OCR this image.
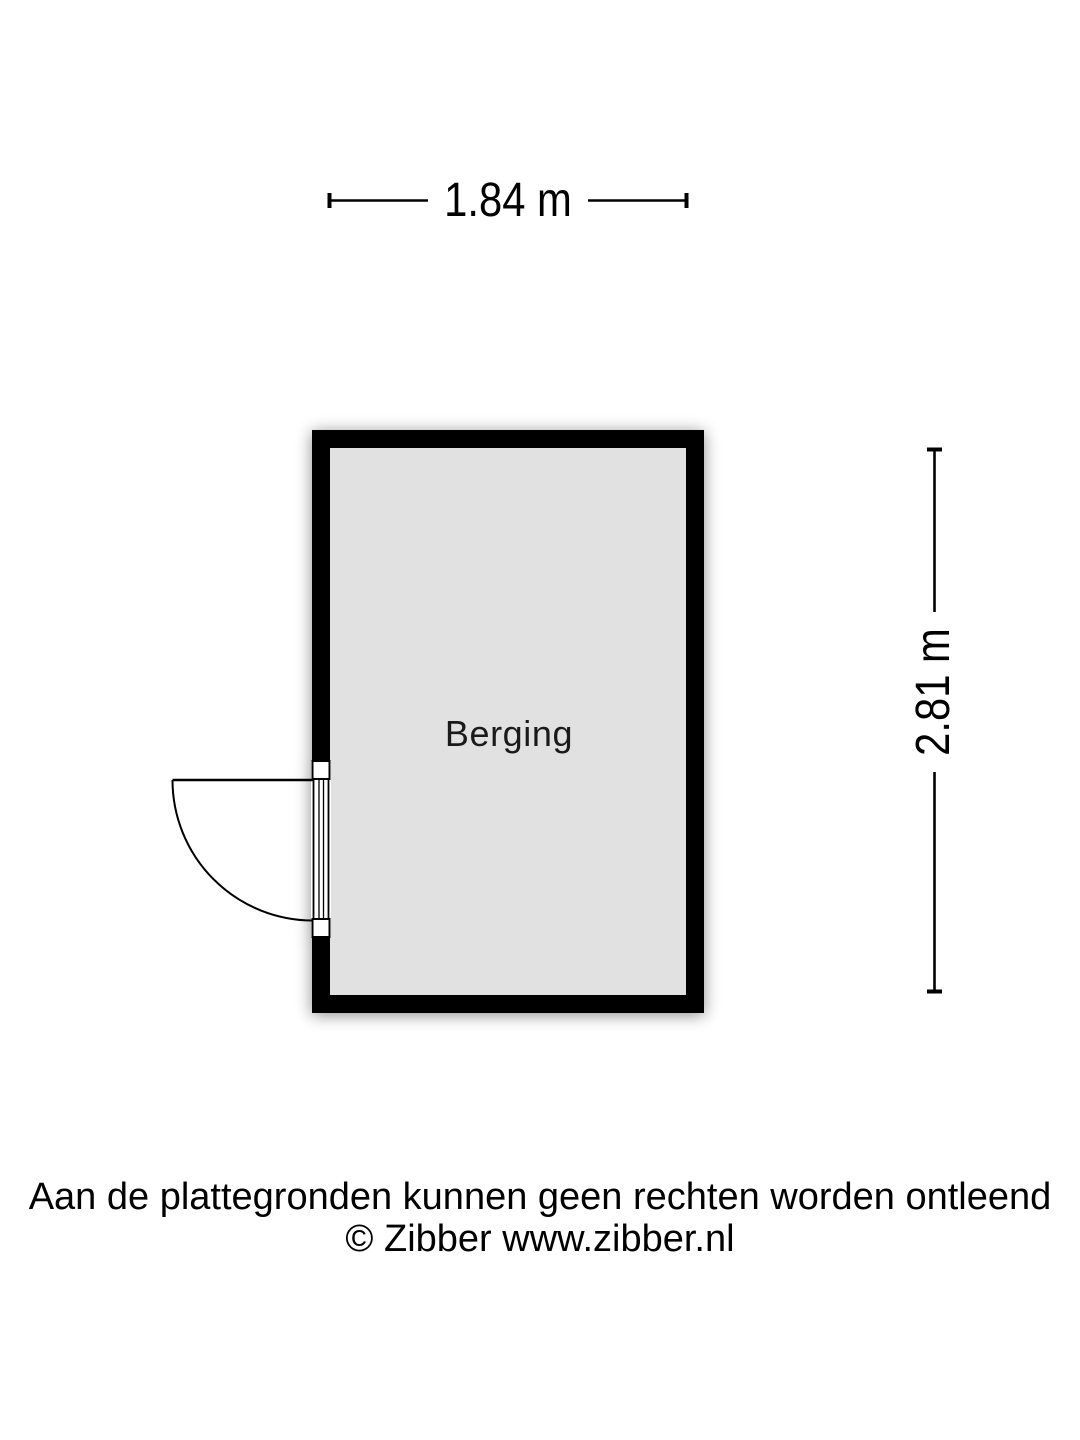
1.84 m
2.81 m
Berging
Aan de plattegronden kunnen geen rechten worden ontleend
© Zibber www.zibber.nl
